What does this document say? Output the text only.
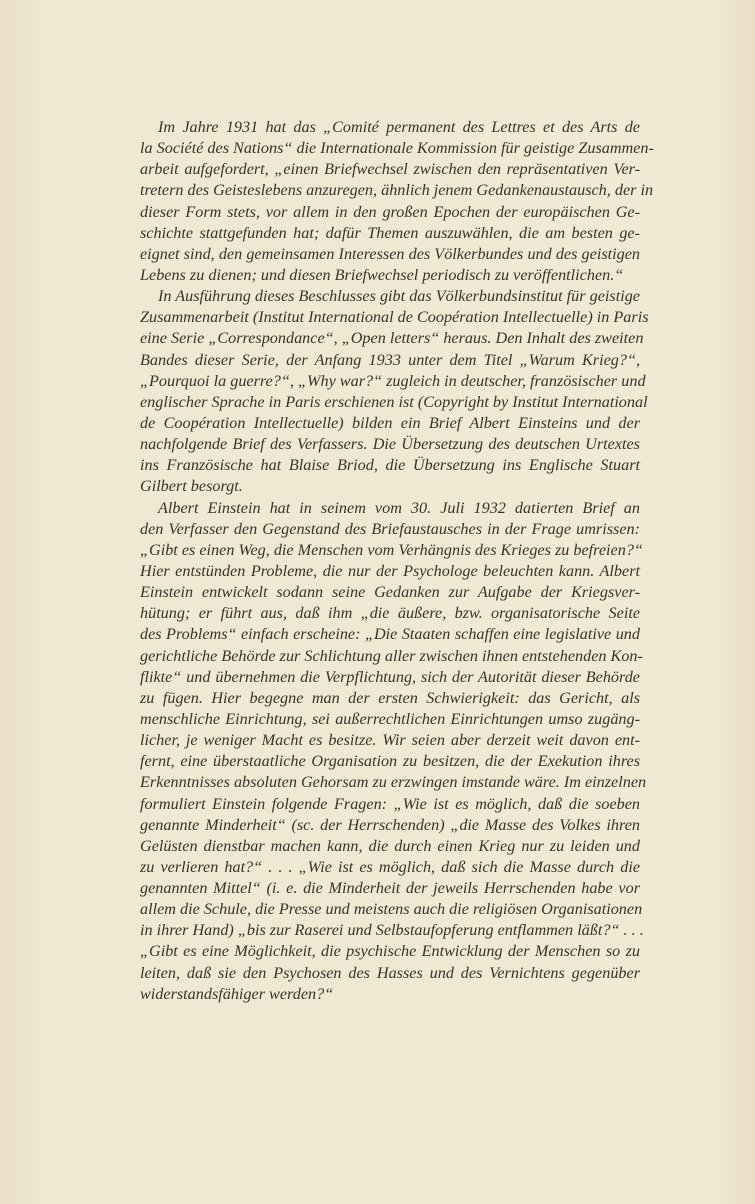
Im Jahre 1931 hat das „Comité permanent des Lettres et des Arts de
la Société des Nations“ die Internationale Kommission für geistige Zusammen-
arbeit aufgefordert, „einen Briefwechsel zwischen den repräsentativen Ver-
tretern des Geisteslebens anzuregen, ähnlich jenem Gedankenaustausch, der in
dieser Form stets, vor allem in den großen Epochen der europäischen Ge-
schichte stattgefunden hat; dafür Themen auszuwählen, die am besten ge-
eignet sind, den gemeinsamen Interessen des Völkerbundes und des geistigen
Lebens zu dienen; und diesen Briefwechsel periodisch zu veröffentlichen.“
In Ausführung dieses Beschlusses gibt das Völkerbundsinstitut für geistige
Zusammenarbeit (Institut International de Coopération Intellectuelle) in Paris
eine Serie „Correspondance“, „Open letters“ heraus. Den Inhalt des zweiten
Bandes dieser Serie, der Anfang 1933 unter dem Titel „Warum Krieg?“,
„Pourquoi la guerre?“, „Why war?“ zugleich in deutscher, französischer und
englischer Sprache in Paris erschienen ist (Copyright by Institut International
de Coopération Intellectuelle) bilden ein Brief Albert Einsteins und der
nachfolgende Brief des Verfassers. Die Übersetzung des deutschen Urtextes
ins Französische hat Blaise Briod, die Übersetzung ins Englische Stuart
Gilbert besorgt.
Albert Einstein hat in seinem vom 30. Juli 1932 datierten Brief an
den Verfasser den Gegenstand des Briefaustausches in der Frage umrissen:
„Gibt es einen Weg, die Menschen vom Verhängnis des Krieges zu befreien?“
Hier entstünden Probleme, die nur der Psychologe beleuchten kann. Albert
Einstein entwickelt sodann seine Gedanken zur Aufgabe der Kriegsver-
hütung; er führt aus, daß ihm „die äußere, bzw. organisatorische Seite
des Problems“ einfach erscheine: „Die Staaten schaffen eine legislative und
gerichtliche Behörde zur Schlichtung aller zwischen ihnen entstehenden Kon-
flikte“ und übernehmen die Verpflichtung, sich der Autorität dieser Behörde
zu fügen. Hier begegne man der ersten Schwierigkeit: das Gericht, als
menschliche Einrichtung, sei außerrechtlichen Einrichtungen umso zugäng-
licher, je weniger Macht es besitze. Wir seien aber derzeit weit davon ent-
fernt, eine überstaatliche Organisation zu besitzen, die der Exekution ihres
Erkenntnisses absoluten Gehorsam zu erzwingen imstande wäre. Im einzelnen
formuliert Einstein folgende Fragen: „Wie ist es möglich, daß die soeben
genannte Minderheit“ (sc. der Herrschenden) „die Masse des Volkes ihren
Gelüsten dienstbar machen kann, die durch einen Krieg nur zu leiden und
zu verlieren hat?“ . . . „Wie ist es möglich, daß sich die Masse durch die
genannten Mittel“ (i. e. die Minderheit der jeweils Herrschenden habe vor
allem die Schule, die Presse und meistens auch die religiösen Organisationen
in ihrer Hand) „bis zur Raserei und Selbstaufopferung entflammen läßt?“ . . .
„Gibt es eine Möglichkeit, die psychische Entwicklung der Menschen so zu
leiten, daß sie den Psychosen des Hasses und des Vernichtens gegenüber
widerstandsfähiger werden?“
